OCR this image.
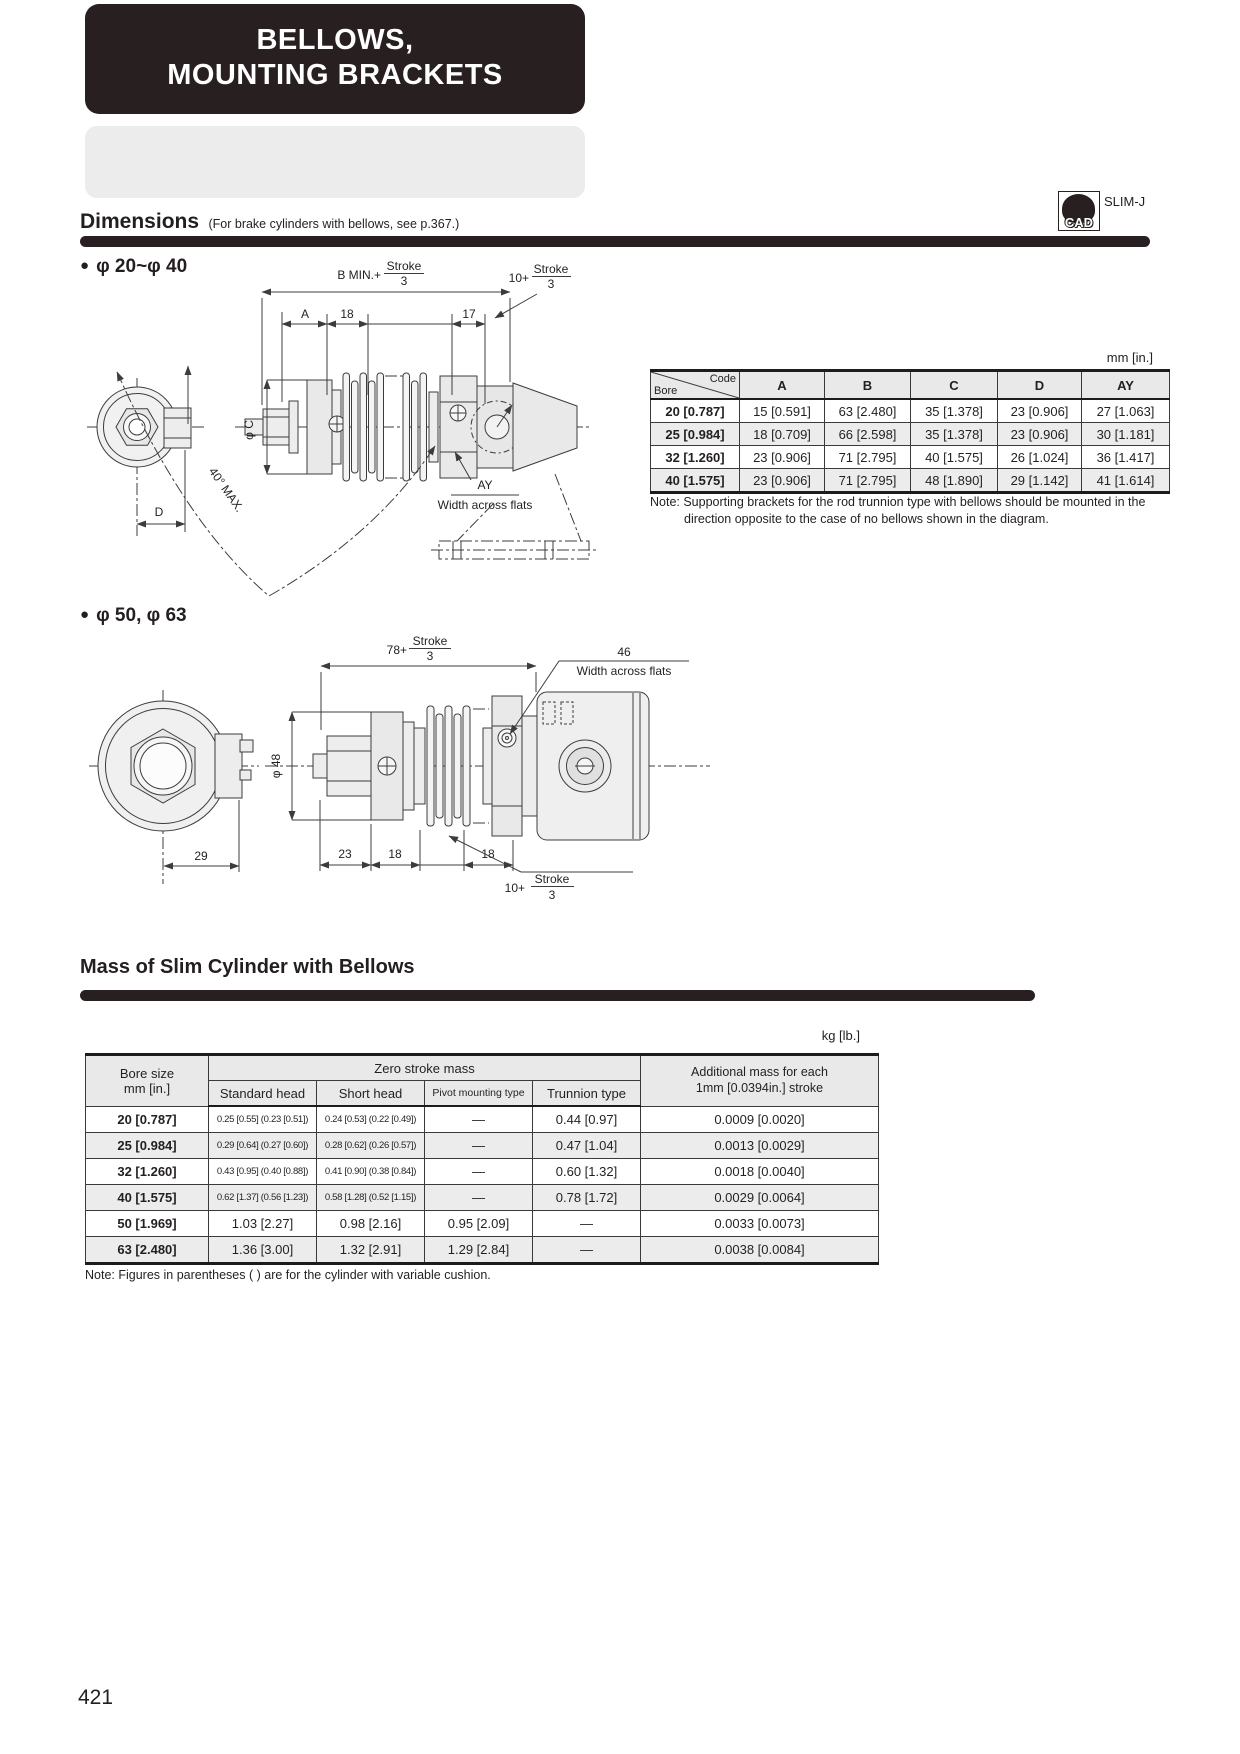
BELLOWS,
MOUNTING BRACKETS
Dimensions (For brake cylinders with bellows, see p.367.)	CAD
SLIM-J
● φ 20~φ 40
D
B MIN.+
Stroke
3	10+
Stroke
3
A	18	17
φ C
40° MAX.	AY
Width across flats
mm [in.]
Code
Bore	A	B	C	D	AY
20 [0.787]	15 [0.591]	63 [2.480]	35 [1.378]	23 [0.906]	27 [1.063]
25 [0.984]	18 [0.709]	66 [2.598]	35 [1.378]	23 [0.906]	30 [1.181]
32 [1.260]	23 [0.906]	71 [2.795]	40 [1.575]	26 [1.024]	36 [1.417]
40 [1.575]	23 [0.906]	71 [2.795]	48 [1.890]	29 [1.142]	41 [1.614]
Note: Supporting brackets for the rod trunnion type with bellows should be mounted in the direction opposite to the case of no bellows shown in the diagram.
● φ 50, φ 63
29
78+
Stroke
3	46
Width across flats
φ 48
23	18	18
10+
Stroke
3
Mass of Slim Cylinder with Bellows
kg [lb.]
Bore size
mm [in.]
	Zero stroke mass	Additional mass for each
1mm [0.0394in.] stroke

	Standard head	Short head	Pivot mounting type	Trunnion type	
20 [0.787]	0.25 [0.55] (0.23 [0.51])	0.24 [0.53] (0.22 [0.49])	—	0.44 [0.97]	0.0009 [0.0020]
25 [0.984]	0.29 [0.64] (0.27 [0.60])	0.28 [0.62] (0.26 [0.57])	—	0.47 [1.04]	0.0013 [0.0029]
32 [1.260]	0.43 [0.95] (0.40 [0.88])	0.41 [0.90] (0.38 [0.84])	—	0.60 [1.32]	0.0018 [0.0040]
40 [1.575]	0.62 [1.37] (0.56 [1.23])	0.58 [1.28] (0.52 [1.15])	—	0.78 [1.72]	0.0029 [0.0064]
50 [1.969]	1.03 [2.27]	0.98 [2.16]	0.95 [2.09]	—	0.0033 [0.0073]
63 [2.480]	1.36 [3.00]	1.32 [2.91]	1.29 [2.84]	—	0.0038 [0.0084]
Note: Figures in parentheses ( ) are for the cylinder with variable cushion.
421
